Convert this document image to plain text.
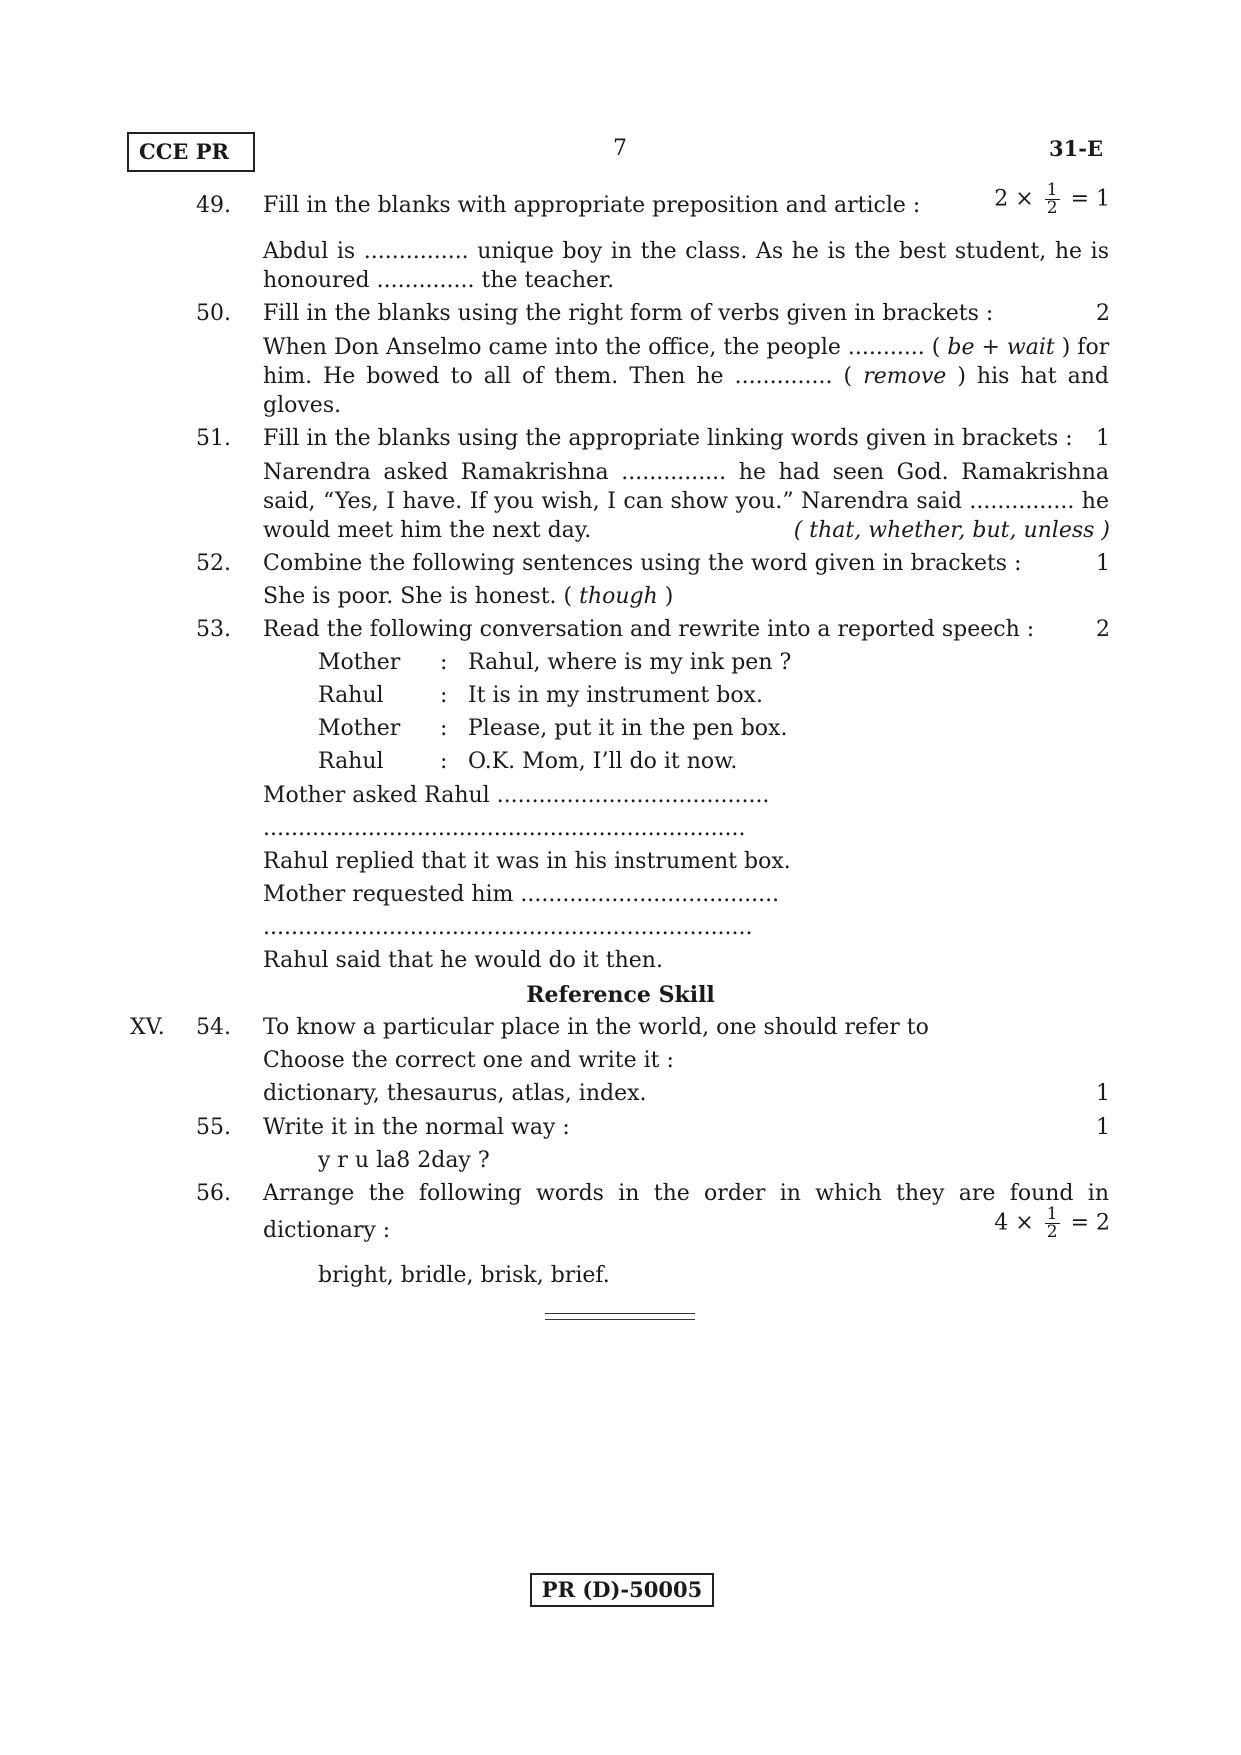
CCE PR	7	31-E
49.	Fill in the blanks with appropriate preposition and article :	$2 \times \frac{1}{2} = 1$
Abdul is ............... unique boy in the class. As he is the best student, he is
honoured .............. the teacher.
50.	Fill in the blanks using the right form of verbs given in brackets :	2
When Don Anselmo came into the office, the people ........... ( be + wait ) for
him. He bowed to all of them. Then he .............. ( remove ) his hat and
gloves.
51.	Fill in the blanks using the appropriate linking words given in brackets : 1
Narendra asked Ramakrishna ............... he had seen God. Ramakrishna
said, “Yes, I have. If you wish, I can show you.” Narendra said ............... he
would meet him the next day.	( that, whether, but, unless )
52.	Combine the following sentences using the word given in brackets :	1
She is poor. She is honest. ( though )
53.	Read the following conversation and rewrite into a reported speech :	2
Mother	: Rahul, where is my ink pen ?
Rahul	: It is in my instrument box.
Mother	: Please, put it in the pen box.
Rahul	: O.K. Mom, I’ll do it now.
Mother asked Rahul .......................................
.....................................................................
Rahul replied that it was in his instrument box.
Mother requested him .....................................
......................................................................
Rahul said that he would do it then.
Reference Skill
XV. 54.	To know a particular place in the world, one should refer to
Choose the correct one and write it :
dictionary, thesaurus, atlas, index.	1
55.	Write it in the normal way :	1
y r u la8 2day ?
56.	Arrange the following words in the order in which they are found in
dictionary :	$4 \times \frac{1}{2} = 2$
bright, bridle, brisk, brief.
PR (D)-50005
